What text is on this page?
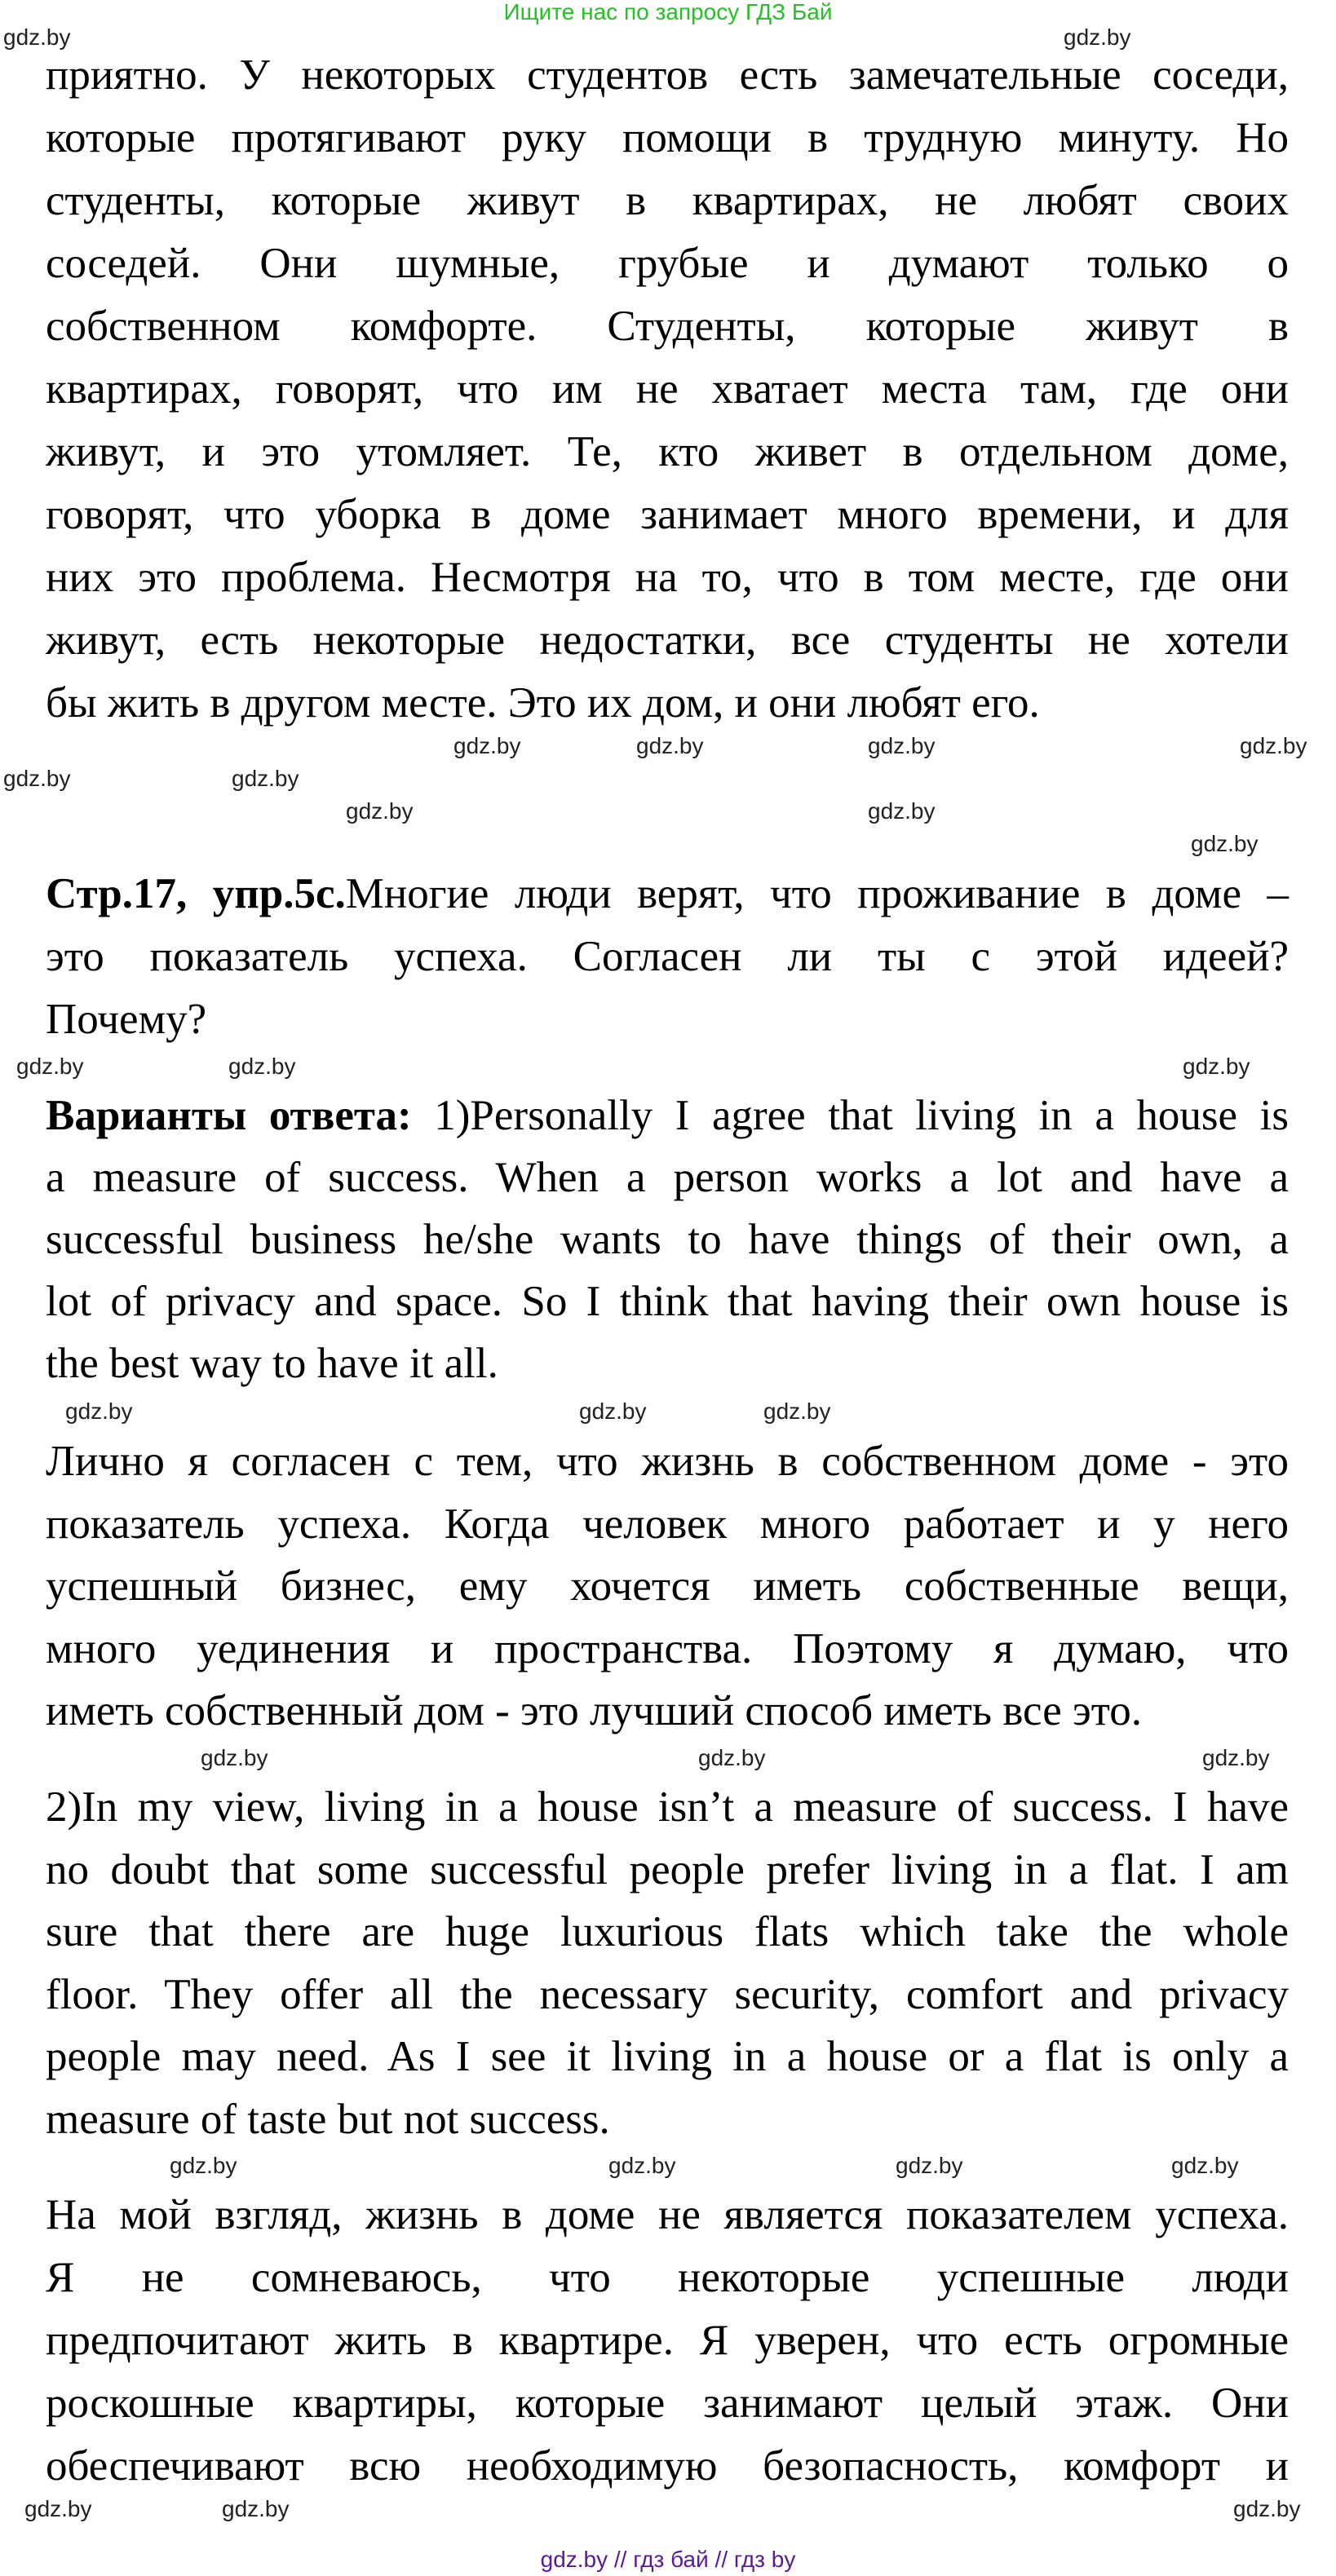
Ищите нас по запросу ГДЗ Бай
приятно. У некоторых студентов есть замечательные соседи,
которые протягивают руку помощи в трудную минуту. Но
студенты, которые живут в квартирах, не любят своих
соседей. Они шумные, грубые и думают только о
собственном комфорте. Студенты, которые живут в
квартирах, говорят, что им не хватает места там, где они
живут, и это утомляет. Те, кто живет в отдельном доме,
говорят, что уборка в доме занимает много времени, и для
них это проблема. Несмотря на то, что в том месте, где они
живут, есть некоторые недостатки, все студенты не хотели
бы жить в другом месте. Это их дом, и они любят его.
Стр.17, упр.5с.Многие люди верят, что проживание в доме –
это показатель успеха. Согласен ли ты с этой идеей?
Почему?
Варианты ответа: 1)Personally I agree that living in a house is
a measure of success. When a person works a lot and have a
successful business he/she wants to have things of their own, a
lot of privacy and space. So I think that having their own house is
the best way to have it all.
Лично я согласен с тем, что жизнь в собственном доме - это
показатель успеха. Когда человек много работает и у него
успешный бизнес, ему хочется иметь собственные вещи,
много уединения и пространства. Поэтому я думаю, что
иметь собственный дом - это лучший способ иметь все это.
2)In my view, living in a house isn’t a measure of success. I have
no doubt that some successful people prefer living in a flat. I am
sure that there are huge luxurious flats which take the whole
floor. They offer all the necessary security, comfort and privacy
people may need. As I see it living in a house or a flat is only a
measure of taste but not success.
На мой взгляд, жизнь в доме не является показателем успеха.
Я не сомневаюсь, что некоторые успешные люди
предпочитают жить в квартире. Я уверен, что есть огромные
роскошные квартиры, которые занимают целый этаж. Они
обеспечивают всю необходимую безопасность, комфорт и
gdz.by	gdz.by
gdz.by
gdz.by
gdz.by
gdz.by
gdz.by
gdz.by
gdz.by
gdz.by
gdz.by
gdz.by	gdz.by
gdz.by
gdz.by
gdz.by	gdz.by
gdz.by
gdz.by
gdz.by
gdz.by
gdz.by
gdz.by	gdz.by
gdz.by
gdz.by
gdz.by
gdz.by // гдз бай // гдз by
